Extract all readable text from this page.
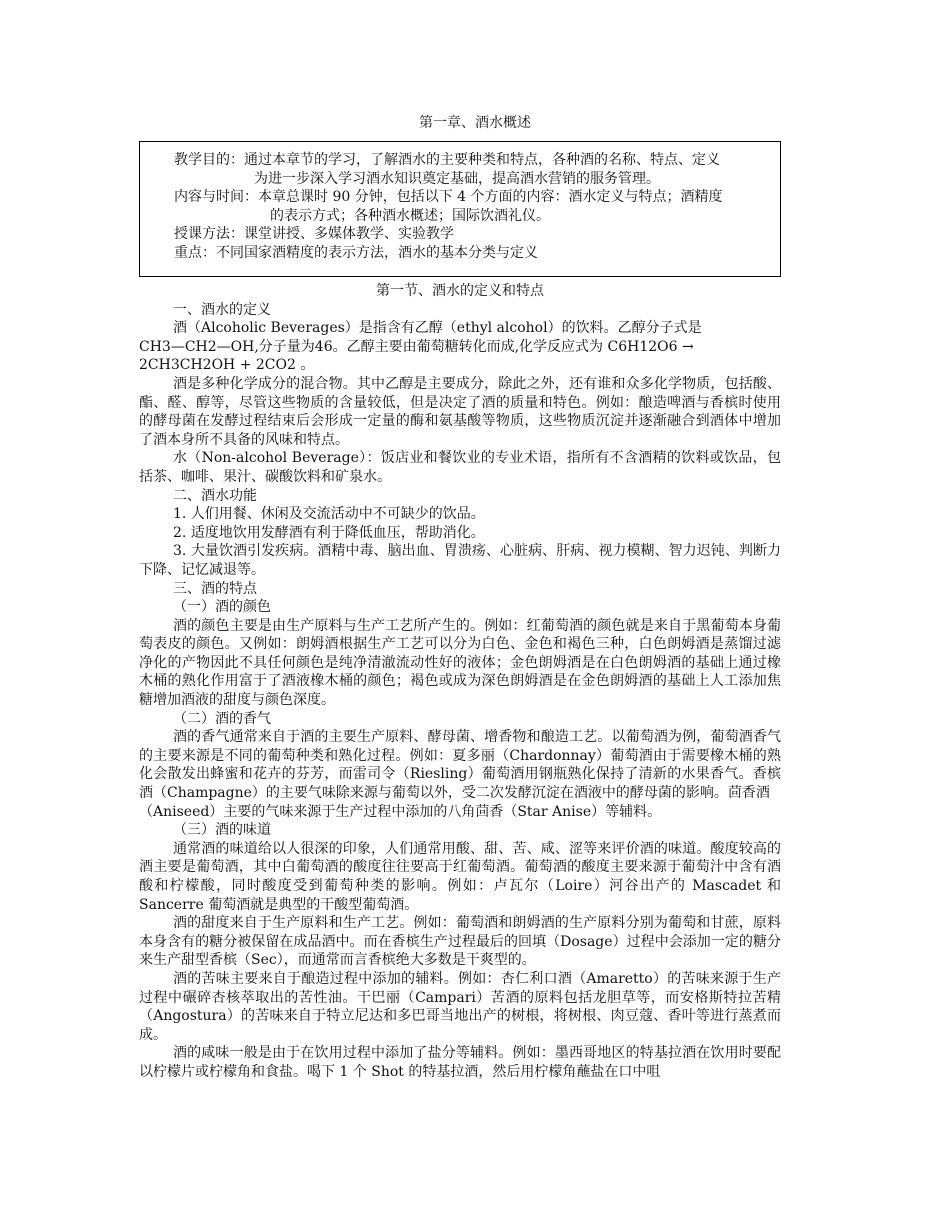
第一章、酒水概述
教学目的：通过本章节的学习，了解酒水的主要种类和特点，各种酒的名称、特点、定义
为进一步深入学习酒水知识奠定基础，提高酒水营销的服务管理。
内容与时间：本章总课时 90 分钟，包括以下 4 个方面的内容：酒水定义与特点；酒精度
的表示方式；各种酒水概述；国际饮酒礼仪。
授课方法：课堂讲授、多媒体教学、实验教学
重点：不同国家酒精度的表示方法，酒水的基本分类与定义
第一节、酒水的定义和特点

一、酒水的定义

酒（Alcoholic Beverages）是指含有乙醇（ethyl alcohol）的饮料。乙醇分子式是

CH3—CH2—OH,分子量为46。乙醇主要由葡萄糖转化而成,化学反应式为 C6H12O6 →

2CH3CH2OH + 2CO2 。

酒是多种化学成分的混合物。其中乙醇是主要成分，除此之外，还有谁和众多化学物质，包括酸、酯、醛、醇等，尽管这些物质的含量较低，但是决定了酒的质量和特色。例如：酿造啤酒与香槟时使用的酵母菌在发酵过程结束后会形成一定量的酶和氨基酸等物质，这些物质沉淀并逐渐融合到酒体中增加了酒本身所不具备的风味和特点。

水（Non-alcohol Beverage）：饭店业和餐饮业的专业术语，指所有不含酒精的饮料或饮品，包括茶、咖啡、果汁、碳酸饮料和矿泉水。

二、酒水功能

1. 人们用餐、休闲及交流活动中不可缺少的饮品。

2. 适度地饮用发酵酒有利于降低血压，帮助消化。

3. 大量饮酒引发疾病。酒精中毒、脑出血、胃溃疡、心脏病、肝病、视力模糊、智力迟钝、判断力下降、记忆减退等。

三、酒的特点

（一）酒的颜色

酒的颜色主要是由生产原料与生产工艺所产生的。例如：红葡萄酒的颜色就是来自于黑葡萄本身葡萄表皮的颜色。又例如：朗姆酒根据生产工艺可以分为白色、金色和褐色三种，白色朗姆酒是蒸馏过滤净化的产物因此不具任何颜色是纯净清澈流动性好的液体；金色朗姆酒是在白色朗姆酒的基础上通过橡木桶的熟化作用富于了酒液橡木桶的颜色；褐色或成为深色朗姆酒是在金色朗姆酒的基础上人工添加焦糖增加酒液的甜度与颜色深度。

（二）酒的香气

酒的香气通常来自于酒的主要生产原料、酵母菌、增香物和酿造工艺。以葡萄酒为例，葡萄酒香气的主要来源是不同的葡萄种类和熟化过程。例如：夏多丽（Chardonnay）葡萄酒由于需要橡木桶的熟化会散发出蜂蜜和花卉的芬芳，而雷司令（Riesling）葡萄酒用钢瓶熟化保持了清新的水果香气。香槟酒（Champagne）的主要气味除来源与葡萄以外，受二次发酵沉淀在酒液中的酵母菌的影响。茴香酒

（Aniseed）主要的气味来源于生产过程中添加的八角茴香（Star Anise）等辅料。

（三）酒的味道

通常酒的味道给以人很深的印象，人们通常用酸、甜、苦、咸、涩等来评价酒的味道。酸度较高的酒主要是葡萄酒，其中白葡萄酒的酸度往往要高于红葡萄酒。葡萄酒的酸度主要来源于葡萄汁中含有酒酸和柠檬酸，同时酸度受到葡萄种类的影响。例如：卢瓦尔（Loire）河谷出产的 Mascadet 和 Sancerre 葡萄酒就是典型的干酸型葡萄酒。

酒的甜度来自于生产原料和生产工艺。例如：葡萄酒和朗姆酒的生产原料分别为葡萄和甘蔗，原料本身含有的糖分被保留在成品酒中。而在香槟生产过程最后的回填（Dosage）过程中会添加一定的糖分来生产甜型香槟（Sec），而通常而言香槟绝大多数是干爽型的。

酒的苦味主要来自于酿造过程中添加的辅料。例如：杏仁利口酒（Amaretto）的苦味来源于生产过程中碾碎杏核萃取出的苦性油。干巴丽（Campari）苦酒的原料包括龙胆草等，而安格斯特拉苦精（Angostura）的苦味来自于特立尼达和多巴哥当地出产的树根，将树根、肉豆蔻、香叶等进行蒸煮而成。

酒的咸味一般是由于在饮用过程中添加了盐分等辅料。例如：墨西哥地区的特基拉酒在饮用时要配以柠檬片或柠檬角和食盐。喝下 1 个 Shot 的特基拉酒，然后用柠檬角蘸盐在口中咀
